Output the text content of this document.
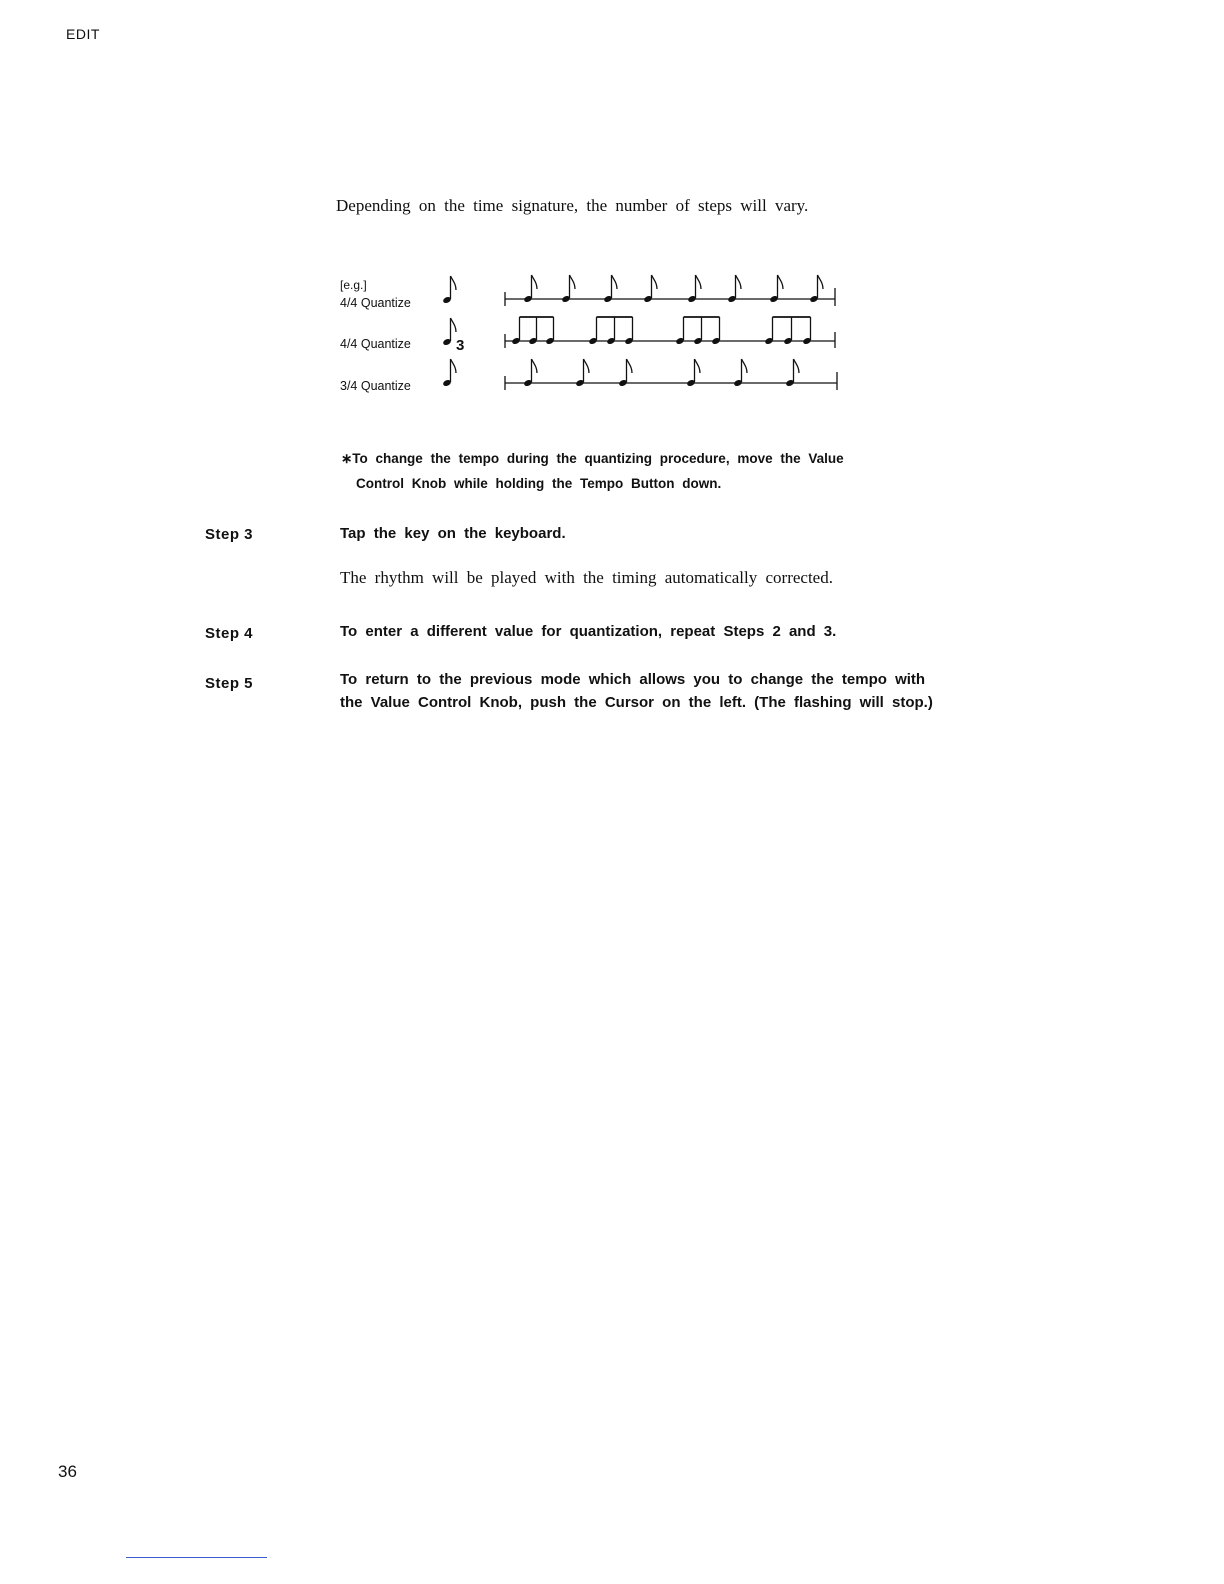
EDIT
Depending on the time signature, the number of steps will vary.
[e.g.]
4/4 Quantize
4/4 Quantize
3/4 Quantize
3
∗To change the tempo during the quantizing procedure, move the Value
Control Knob while holding the Tempo Button down.
Step 3	Tap the key on the keyboard.
The rhythm will be played with the timing automatically corrected.
Step 4	To enter a different value for quantization, repeat Steps 2 and 3.
Step 5	To return to the previous mode which allows you to change the tempo with the Value Control Knob, push the Cursor on the left. (The flashing will stop.)
36
